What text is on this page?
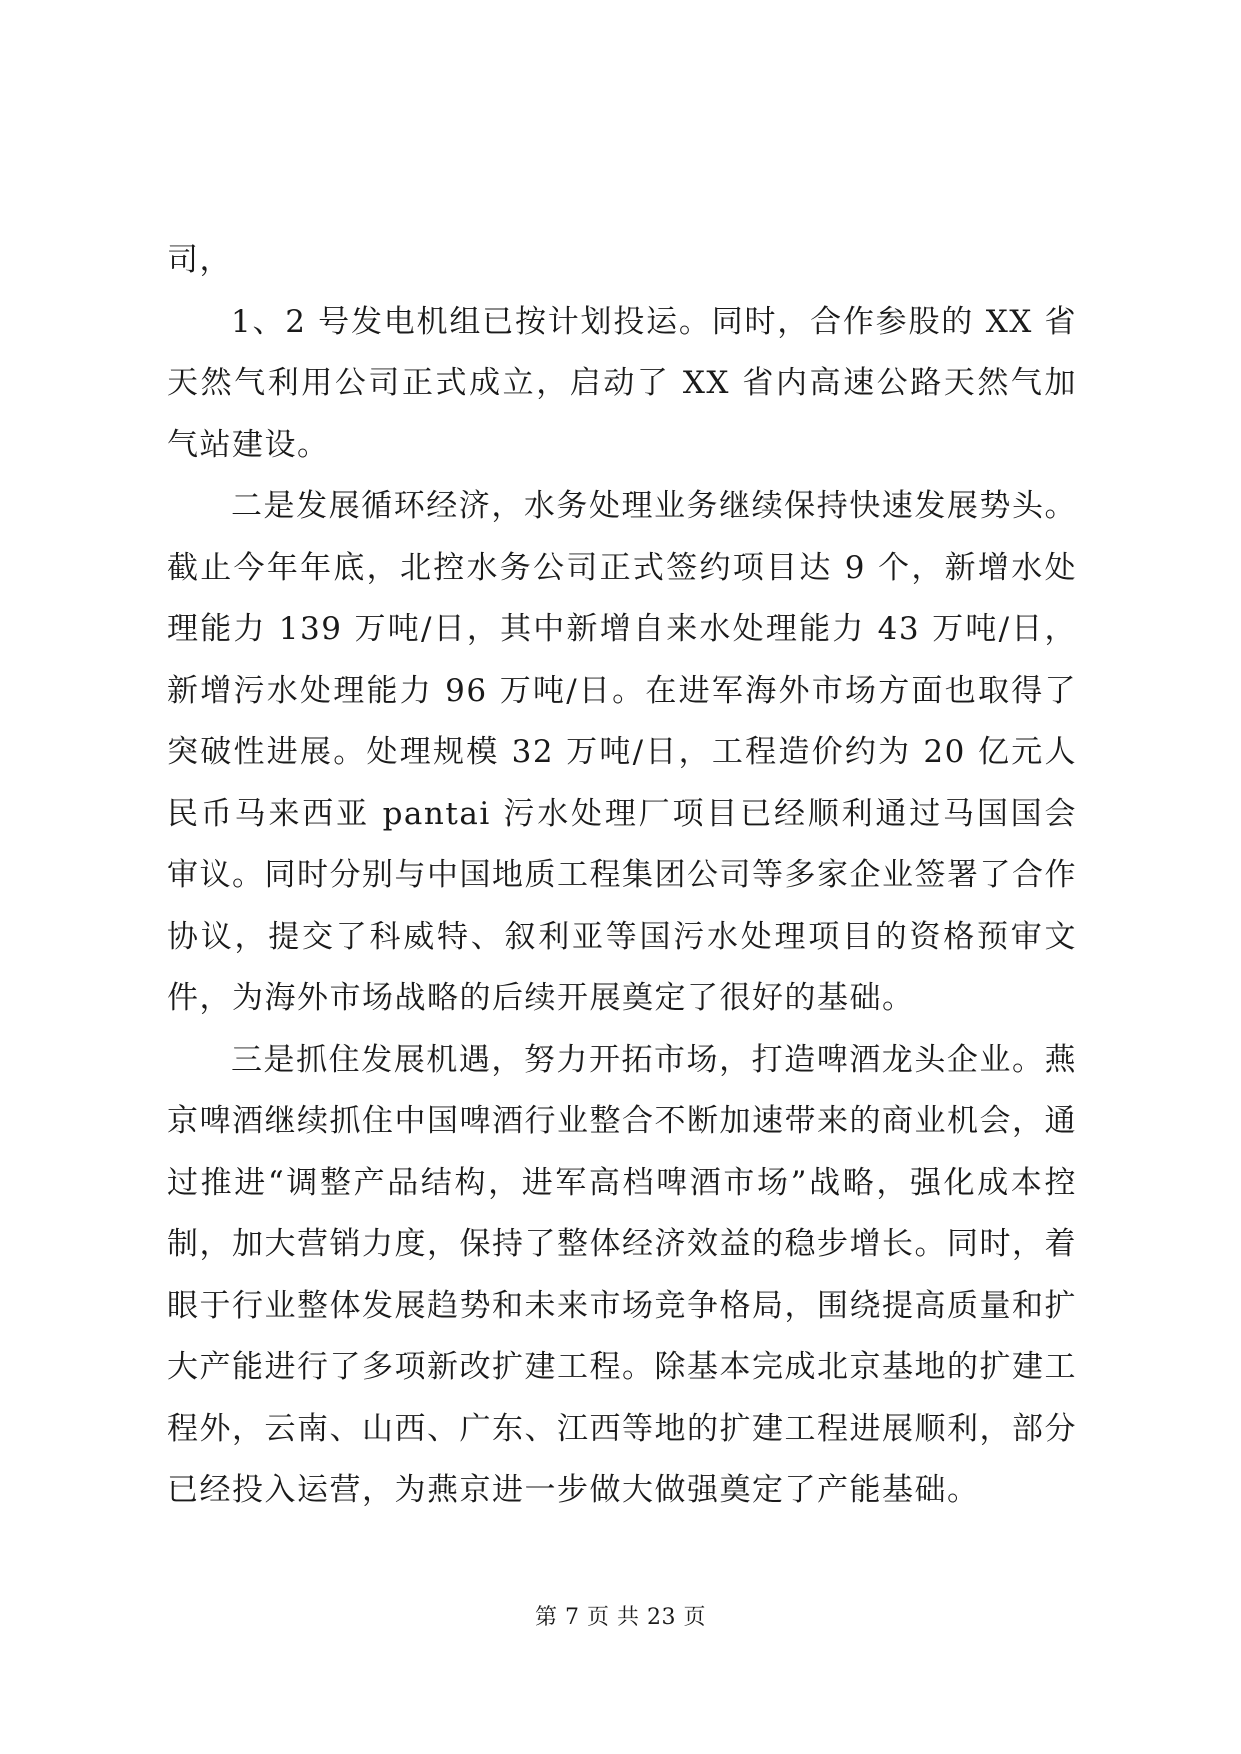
司，

1、2 号发电机组已按计划投运。同时，合作参股的 XX 省天然气利用公司正式成立，启动了 XX 省内高速公路天然气加气站建设。

二是发展循环经济，水务处理业务继续保持快速发展势头。截止今年年底，北控水务公司正式签约项目达 9 个，新增水处理能力 139 万吨/日，其中新增自来水处理能力 43 万吨/日，新增污水处理能力 96 万吨/日。在进军海外市场方面也取得了突破性进展。处理规模 32 万吨/日，工程造价约为 20 亿元人民币马来西亚 pantai 污水处理厂项目已经顺利通过马国国会审议。同时分别与中国地质工程集团公司等多家企业签署了合作协议，提交了科威特、叙利亚等国污水处理项目的资格预审文件，为海外市场战略的后续开展奠定了很好的基础。

三是抓住发展机遇，努力开拓市场，打造啤酒龙头企业。燕京啤酒继续抓住中国啤酒行业整合不断加速带来的商业机会，通过推进“调整产品结构，进军高档啤酒市场”战略，强化成本控制，加大营销力度，保持了整体经济效益的稳步增长。同时，着眼于行业整体发展趋势和未来市场竞争格局，围绕提高质量和扩大产能进行了多项新改扩建工程。除基本完成北京基地的扩建工程外，云南、山西、广东、江西等地的扩建工程进展顺利，部分已经投入运营，为燕京进一步做大做强奠定了产能基础。

第 7 页 共 23 页
